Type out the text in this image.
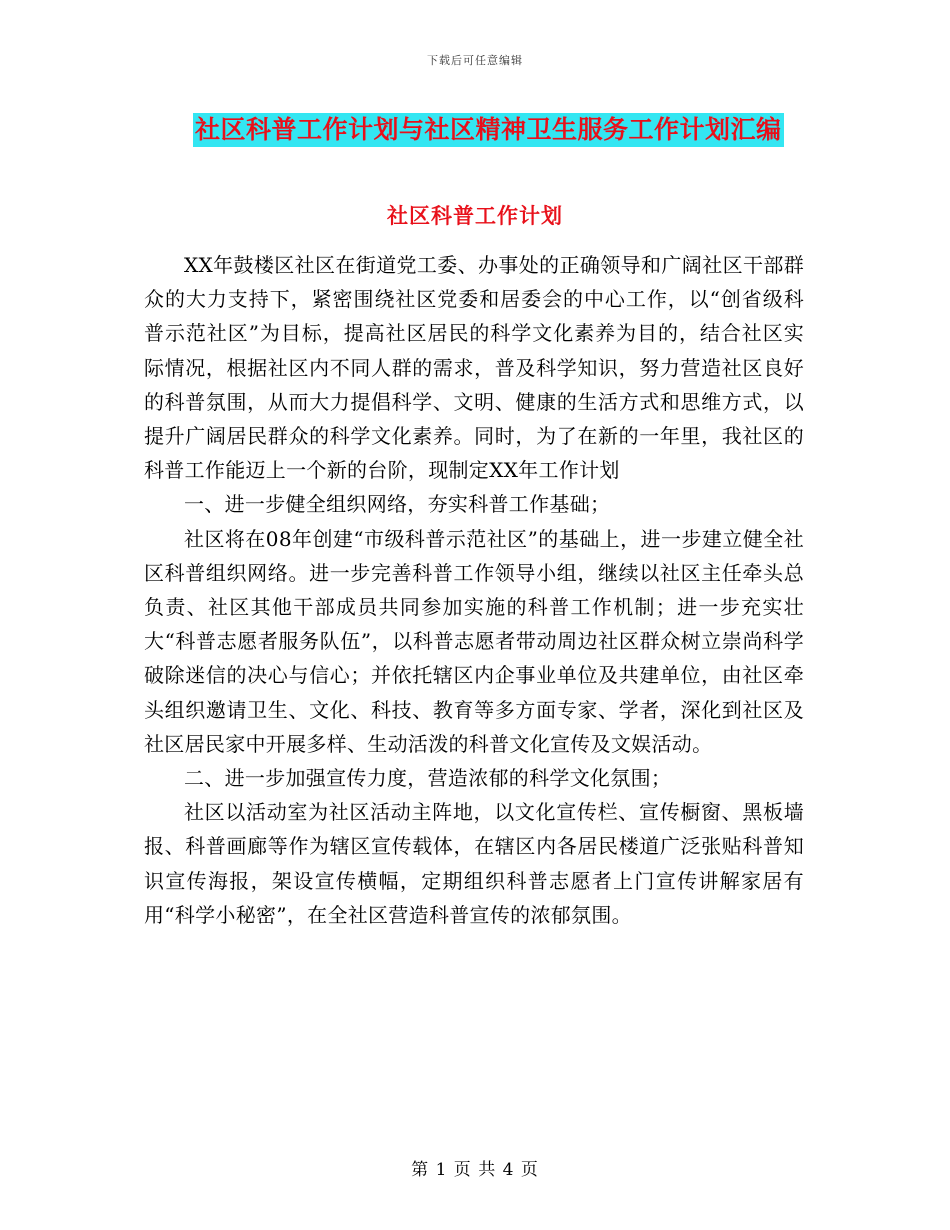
下载后可任意编辑
社区科普工作计划与社区精神卫生服务工作计划汇编
社区科普工作计划

XX年鼓楼区社区在街道党工委、办事处的正确领导和广阔社区干部群众的大力支持下，紧密围绕社区党委和居委会的中心工作，以“创省级科普示范社区”为目标，提高社区居民的科学文化素养为目的，结合社区实际情况，根据社区内不同人群的需求，普及科学知识，努力营造社区良好的科普氛围，从而大力提倡科学、文明、健康的生活方式和思维方式，以提升广阔居民群众的科学文化素养。同时，为了在新的一年里，我社区的科普工作能迈上一个新的台阶，现制定XX年工作计划

一、进一步健全组织网络，夯实科普工作基础；

社区将在08年创建“市级科普示范社区”的基础上，进一步建立健全社区科普组织网络。进一步完善科普工作领导小组，继续以社区主任牵头总负责、社区其他干部成员共同参加实施的科普工作机制；进一步充实壮大“科普志愿者服务队伍”，以科普志愿者带动周边社区群众树立崇尚科学破除迷信的决心与信心；并依托辖区内企事业单位及共建单位，由社区牵头组织邀请卫生、文化、科技、教育等多方面专家、学者，深化到社区及社区居民家中开展多样、生动活泼的科普文化宣传及文娱活动。

二、进一步加强宣传力度，营造浓郁的科学文化氛围；

社区以活动室为社区活动主阵地，以文化宣传栏、宣传橱窗、黑板墙报、科普画廊等作为辖区宣传载体，在辖区内各居民楼道广泛张贴科普知识宣传海报，架设宣传横幅，定期组织科普志愿者上门宣传讲解家居有用“科学小秘密”，在全社区营造科普宣传的浓郁氛围。

第 1 页 共 4 页
